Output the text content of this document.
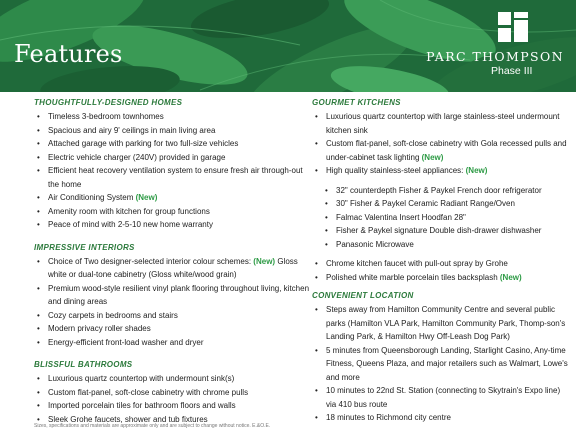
Features	PARC THOMPSON
Phase III
THOUGHTFULLY-DESIGNED HOMES
• Timeless 3-bedroom townhomes
• Spacious and airy 9' ceilings in main living area
• Attached garage with parking for two full-size vehicles
• Electric vehicle charger (240V) provided in garage
• Efficient heat recovery ventilation system to ensure fresh air through-out the home
• Air Conditioning System (New)
• Amenity room with kitchen for group functions
• Peace of mind with 2-5-10 new home warranty
IMPRESSIVE INTERIORS
• Choice of Two designer-selected interior colour schemes: (New) Gloss white or dual-tone cabinetry (Gloss white/wood grain)
• Premium wood-style resilient vinyl plank flooring throughout living, kitchen and dining areas
• Cozy carpets in bedrooms and stairs
• Modern privacy roller shades
• Energy-efficient front-load washer and dryer
BLISSFUL BATHROOMS
• Luxurious quartz countertop with undermount sink(s)
• Custom flat-panel, soft-close cabinetry with chrome pulls
• Imported porcelain tiles for bathroom floors and walls
• Sleek Grohe faucets, shower and tub fixtures
GOURMET KITCHENS
• Luxurious quartz countertop with large stainless-steel undermount kitchen sink
• Custom flat-panel, soft-close cabinetry with Gola recessed pulls and under-cabinet task lighting (New)
• High quality stainless-steel appliances: (New)
• 32" counterdepth Fisher & Paykel French door refrigerator
• 30" Fisher & Paykel Ceramic Radiant Range/Oven
• Falmac Valentina Insert Hoodfan 28"
• Fisher & Paykel signature Double dish-drawer dishwasher
• Panasonic Microwave
• Chrome kitchen faucet with pull-out spray by Grohe
• Polished white marble porcelain tiles backsplash (New)
CONVENIENT LOCATION
• Steps away from Hamilton Community Centre and several public parks (Hamilton VLA Park, Hamilton Community Park, Thomp-son's Landing Park, & Hamilton Hwy Off-Leash Dog Park)
• 5 minutes from Queensborough Landing, Starlight Casino, Any-time Fitness, Queens Plaza, and major retailers such as Walmart, Lowe's and more
• 10 minutes to 22nd St. Station (connecting to Skytrain's Expo line) via 410 bus route
• 18 minutes to Richmond city centre
Sizes, specifications and materials are approximate only and are subject to change without notice. E.&O.E.
